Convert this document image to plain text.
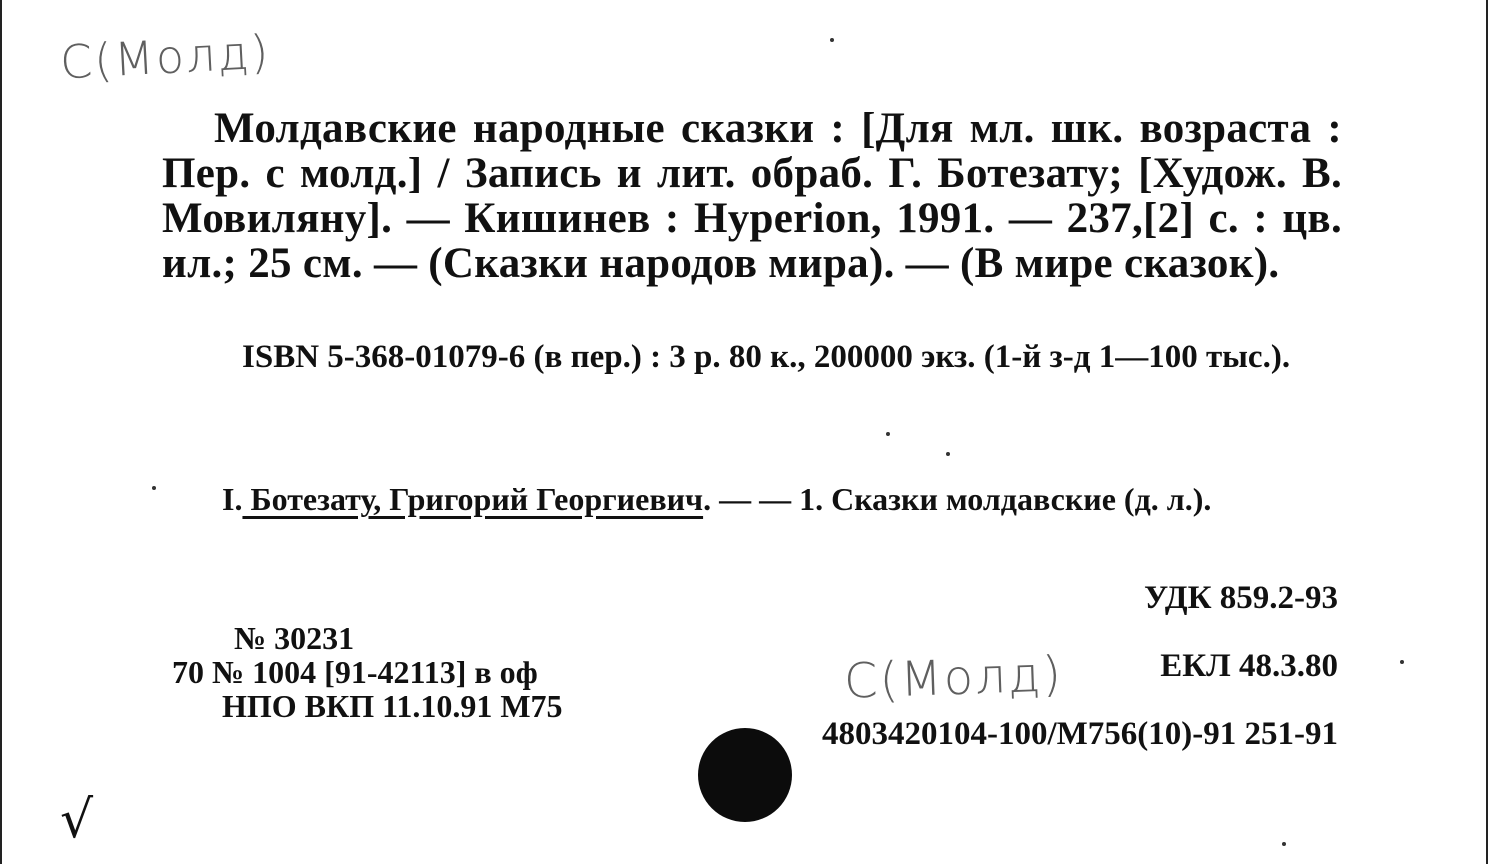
С(Молд)
Молдавские народные сказки : [Для мл. шк. возраста : Пер. с молд.] / Запись и лит. обраб. Г. Ботезату; [Худож. В. Мовиляну]. — Кишинев : Hyperion, 1991. — 237,[2] с. : цв. ил.; 25 см. — (Сказки народов мира). — (В мире сказок).
ISBN 5-368-01079-6 (в пер.) : 3 р. 80 к., 200000 экз. (1-й з-д 1—100 тыс.).
I. Ботезату, Григорий Георгиевич. — — 1. Сказки молдавские (д. л.).
УДК 859.2-93
№ 30231
70 № 1004 [91-42113] в оф
НПО ВКП 11.10.91 М75	С(Молд)	ЕКЛ 48.3.80
4803420104-100/М756(10)-91 251-91
√
